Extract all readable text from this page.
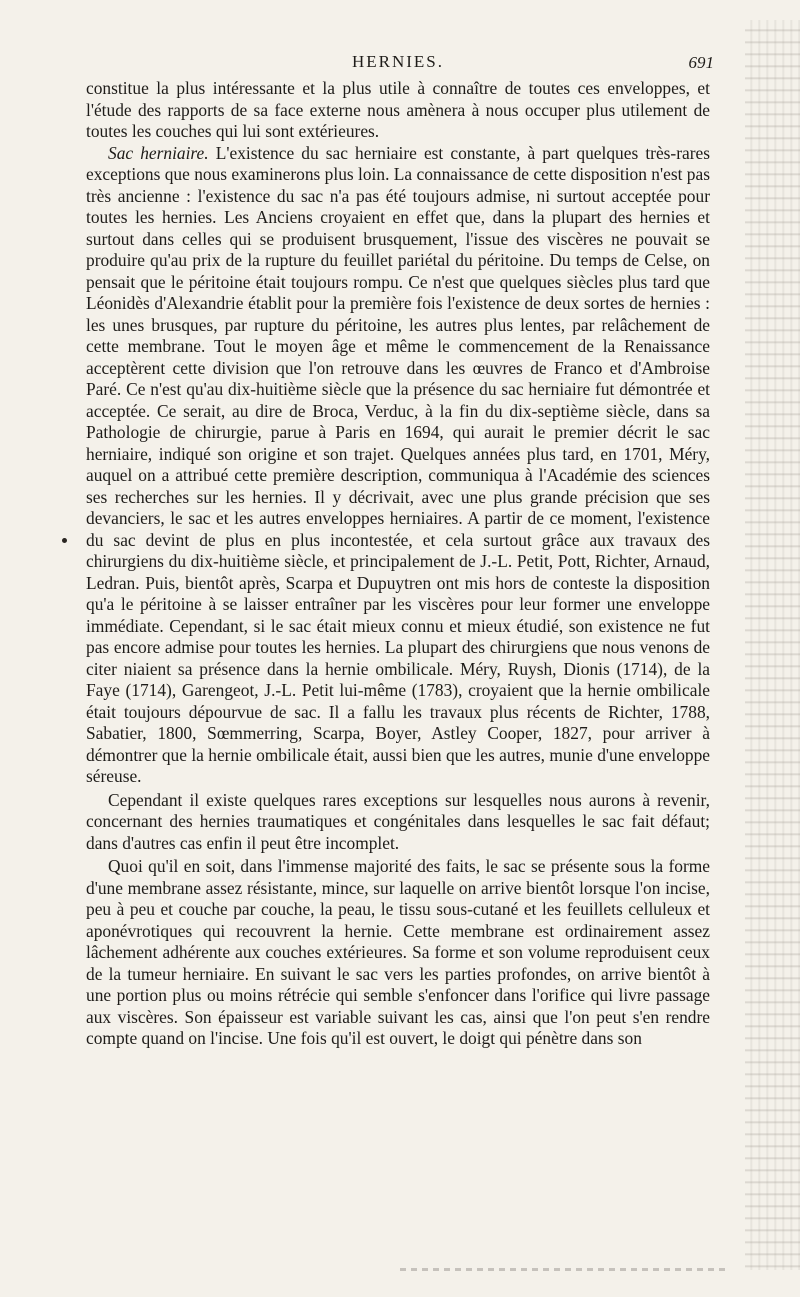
HERNIES.	691

constitue la plus intéressante et la plus utile à connaître de toutes ces enveloppes, et l'étude des rapports de sa face externe nous amènera à nous occuper plus utilement de toutes les couches qui lui sont extérieures.

Sac herniaire. L'existence du sac herniaire est constante, à part quelques très-rares exceptions que nous examinerons plus loin. La connaissance de cette disposition n'est pas très ancienne : l'existence du sac n'a pas été toujours admise, ni surtout acceptée pour toutes les hernies. Les Anciens croyaient en effet que, dans la plupart des hernies et surtout dans celles qui se produisent brusquement, l'issue des viscères ne pouvait se produire qu'au prix de la rupture du feuillet pariétal du péritoine. Du temps de Celse, on pensait que le péritoine était toujours rompu. Ce n'est que quelques siècles plus tard que Léonidès d'Alexandrie établit pour la première fois l'existence de deux sortes de hernies : les unes brusques, par rupture du péritoine, les autres plus lentes, par relâchement de cette membrane. Tout le moyen âge et même le commencement de la Renaissance acceptèrent cette division que l'on retrouve dans les œuvres de Franco et d'Ambroise Paré. Ce n'est qu'au dix-huitième siècle que la présence du sac herniaire fut démontrée et acceptée. Ce serait, au dire de Broca, Verduc, à la fin du dix-septième siècle, dans sa Pathologie de chirurgie, parue à Paris en 1694, qui aurait le premier décrit le sac herniaire, indiqué son origine et son trajet. Quelques années plus tard, en 1701, Méry, auquel on a attribué cette première description, communiqua à l'Académie des sciences ses recherches sur les hernies. Il y décrivait, avec une plus grande précision que ses devanciers, le sac et les autres enveloppes herniaires. A partir de ce moment, l'existence du sac devint de plus en plus incontestée, et cela surtout grâce aux travaux des chirurgiens du dix-huitième siècle, et principalement de J.-L. Petit, Pott, Richter, Arnaud, Ledran. Puis, bientôt après, Scarpa et Dupuytren ont mis hors de conteste la disposition qu'a le péritoine à se laisser entraîner par les viscères pour leur former une enveloppe immédiate. Cependant, si le sac était mieux connu et mieux étudié, son existence ne fut pas encore admise pour toutes les hernies. La plupart des chirurgiens que nous venons de citer niaient sa présence dans la hernie ombilicale. Méry, Ruysh, Dionis (1714), de la Faye (1714), Garengeot, J.-L. Petit lui-même (1783), croyaient que la hernie ombilicale était toujours dépourvue de sac. Il a fallu les travaux plus récents de Richter, 1788, Sabatier, 1800, Sœmmerring, Scarpa, Boyer, Astley Cooper, 1827, pour arriver à démontrer que la hernie ombilicale était, aussi bien que les autres, munie d'une enveloppe séreuse.

Cependant il existe quelques rares exceptions sur lesquelles nous aurons à revenir, concernant des hernies traumatiques et congénitales dans lesquelles le sac fait défaut; dans d'autres cas enfin il peut être incomplet.

Quoi qu'il en soit, dans l'immense majorité des faits, le sac se présente sous la forme d'une membrane assez résistante, mince, sur laquelle on arrive bientôt lorsque l'on incise, peu à peu et couche par couche, la peau, le tissu sous-cutané et les feuillets celluleux et aponévrotiques qui recouvrent la hernie. Cette membrane est ordinairement assez lâchement adhérente aux couches extérieures. Sa forme et son volume reproduisent ceux de la tumeur herniaire. En suivant le sac vers les parties profondes, on arrive bientôt à une portion plus ou moins rétrécie qui semble s'enfoncer dans l'orifice qui livre passage aux viscères. Son épaisseur est variable suivant les cas, ainsi que l'on peut s'en rendre compte quand on l'incise. Une fois qu'il est ouvert, le doigt qui pénètre dans son
